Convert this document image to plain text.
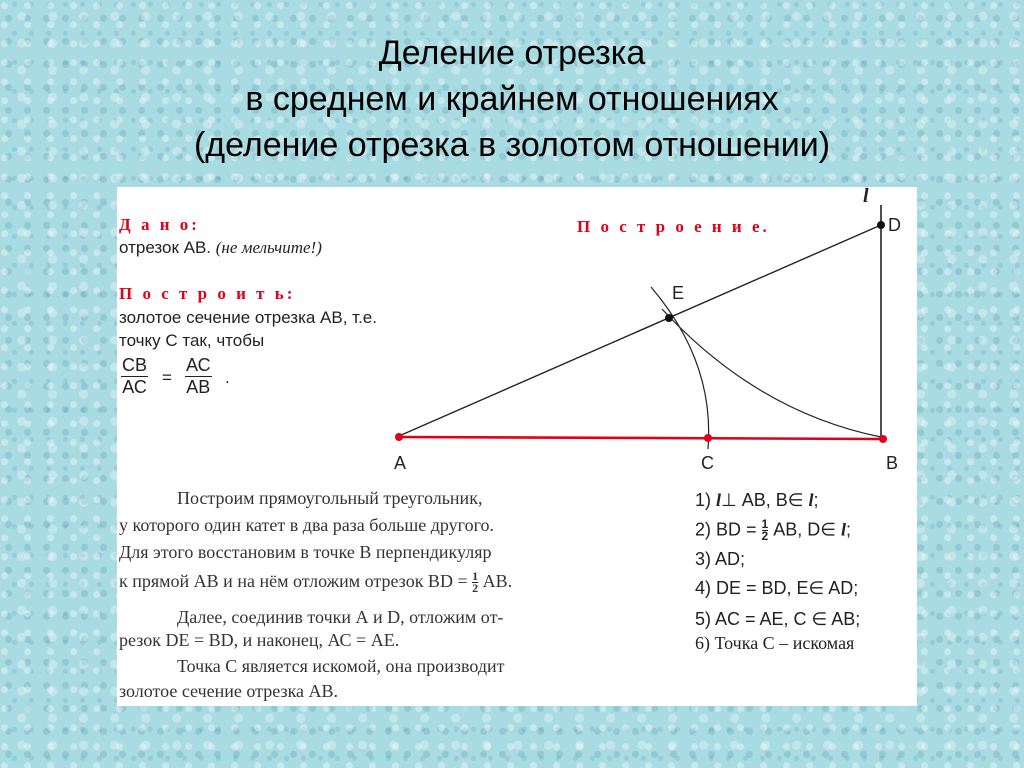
Деление отрезка
в среднем и крайнем отношениях
(деление отрезка в золотом отношении)
Д а н о:
отрезок АВ. (не мельчите!)
П о с т р о и т ь:
золотое сечение отрезка АВ, т.е.
точку С так, чтобы
СВ
АС =
АС
АВ .
П о с т р о е н и е.
l
D
Е
А	С	В
Построим прямоугольный треугольник,
у которого один катет в два раза больше другого.
Для этого восстановим в точке В перпендикуляр
к прямой АВ и на нём отложим отрезок BD = $\frac{1}{2}$ АВ.
Далее, соединив точки А и D, отложим от-
резок DE = BD, и наконец, АС = АЕ.
Точка С является искомой, она производит
золотое сечение отрезка АВ.
1) l⊥ АВ, В∈ l;
2) BD = $\frac{1}{2}$ АВ, D∈ l;
3) AD;
4) DE = BD, E∈ AD;
5) AC = AE, C ∈ AB;
6) Точка С – искомая
